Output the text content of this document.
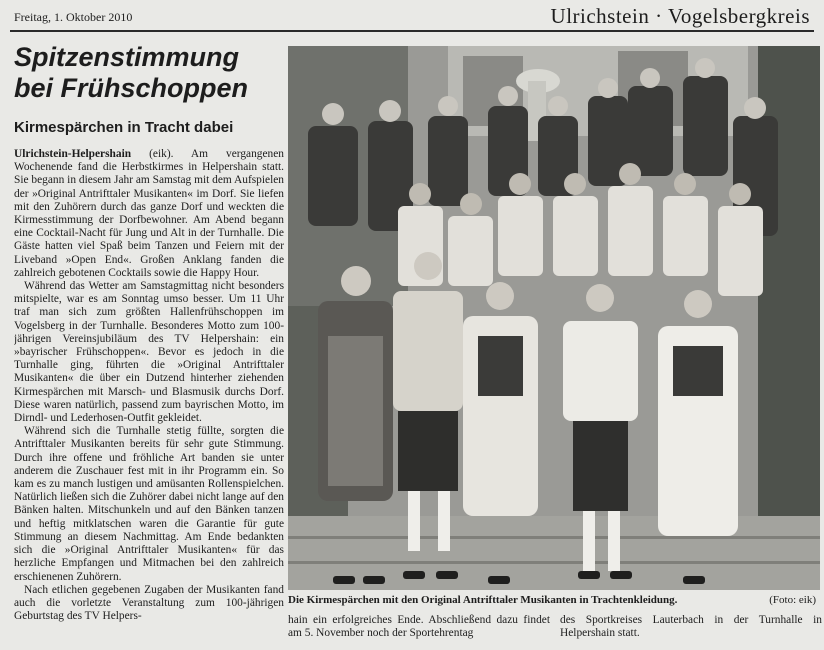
Freitag, 1. Oktober 2010	Ulrichstein · Vogelsbergkreis
Spitzenstimmung
bei Frühschoppen
Kirmespärchen in Tracht dabei

Ulrichstein-Helpershain (eik). Am vergangenen Wochenende fand die Herbstkirmes in Helpershain statt. Sie begann in diesem Jahr am Samstag mit dem Aufspielen der »Original Antrifttaler Musikanten« im Dorf. Sie liefen mit den Zuhörern durch das ganze Dorf und weckten die Kirmesstimmung der Dorfbewohner. Am Abend begann eine Cocktail-Nacht für Jung und Alt in der Turnhalle. Die Gäste hatten viel Spaß beim Tanzen und Feiern mit der Liveband »Open End«. Großen Anklang fanden die zahlreich gebotenen Cocktails sowie die Happy Hour.

Während das Wetter am Samstagmittag nicht besonders mitspielte, war es am Sonntag umso besser. Um 11 Uhr traf man sich zum größten Hallenfrühschoppen im Vogelsberg in der Turnhalle. Besonderes Motto zum 100-jährigen Vereinsjubiläum des TV Helpershain: ein »bayrischer Frühschoppen«. Bevor es jedoch in die Turnhalle ging, führten die »Original Antrifttaler Musikanten« die über ein Dutzend hinterher ziehenden Kirmespärchen mit Marsch- und Blasmusik durchs Dorf. Diese waren natürlich, passend zum bayrischen Motto, im Dirndl- und Lederhosen-Outfit gekleidet.

Während sich die Turnhalle stetig füllte, sorgten die Antrifttaler Musikanten bereits für sehr gute Stimmung. Durch ihre offene und fröhliche Art banden sie unter anderem die Zuschauer fest mit in ihr Programm ein. So kam es zu manch lustigen und amüsanten Rollenspielchen. Natürlich ließen sich die Zuhörer dabei nicht lange auf den Bänken halten. Mitschunkeln und auf den Bänken tanzen und heftig mitklatschen waren die Garantie für gute Stimmung an diesem Nachmittag. Am Ende bedankten sich die »Original Antrifttaler Musikanten« für das herzliche Empfangen und Mitmachen bei den zahlreich erschienenen Zuhörern.

Nach etlichen gegebenen Zugaben der Musikanten fand auch die vorletzte Veranstaltung zum 100-jährigen Geburtstag des TV Helpers-

Die Kirmespärchen mit den Original Antrifttaler Musikanten in Trachtenkleidung.	(Foto: eik)
hain ein erfolgreiches Ende. Abschließend dazu findet am 5. November noch der Sportehrentag
des Sportkreises Lauterbach in der Turnhalle in Helpershain statt.
